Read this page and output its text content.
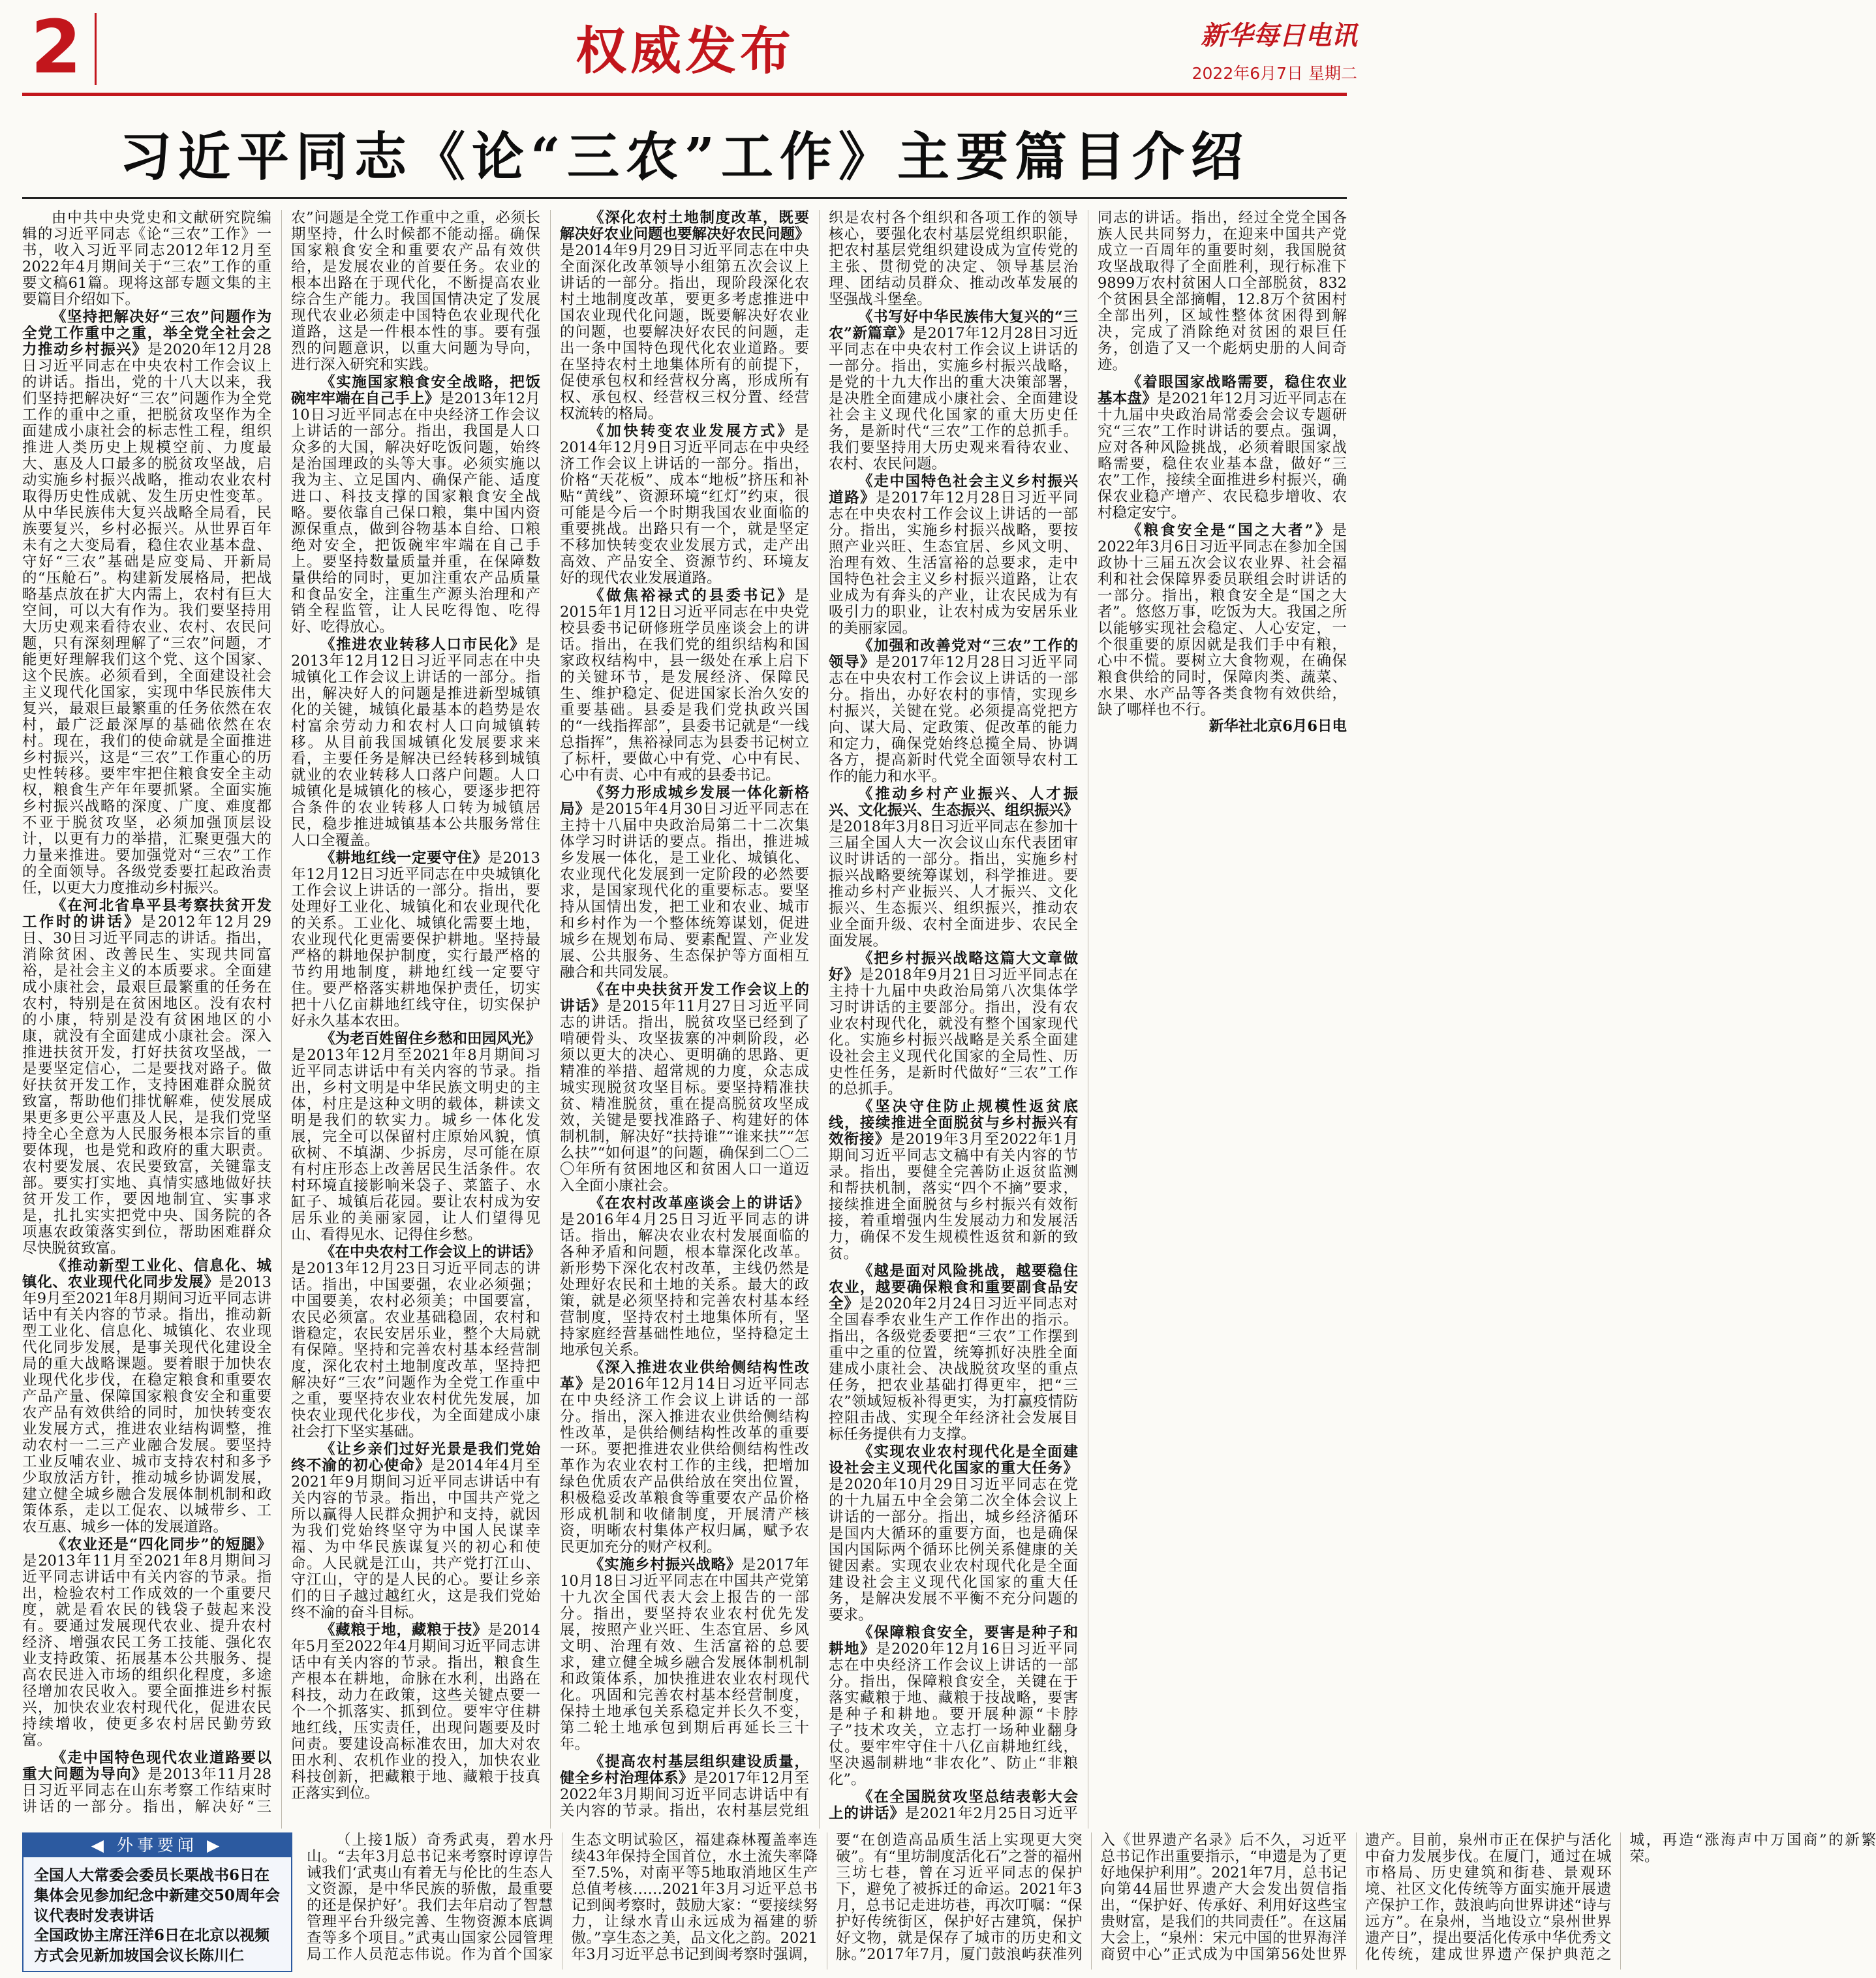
2	权威发布	新华每日电讯
2022年6月7日 星期二
习近平同志《论“三农”工作》主要篇目介绍

由中共中央党史和文献研究院编辑的习近平同志《论“三农”工作》一书，收入习近平同志2012年12月至2022年4月期间关于“三农”工作的重要文稿61篇。现将这部专题文集的主要篇目介绍如下。

《坚持把解决好“三农”问题作为全党工作重中之重，举全党全社会之力推动乡村振兴》是2020年12月28日习近平同志在中央农村工作会议上的讲话。指出，党的十八大以来，我们坚持把解决好“三农”问题作为全党工作的重中之重，把脱贫攻坚作为全面建成小康社会的标志性工程，组织推进人类历史上规模空前、力度最大、惠及人口最多的脱贫攻坚战，启动实施乡村振兴战略，推动农业农村取得历史性成就、发生历史性变革。从中华民族伟大复兴战略全局看，民族要复兴，乡村必振兴。从世界百年未有之大变局看，稳住农业基本盘、守好“三农”基础是应变局、开新局的“压舱石”。构建新发展格局，把战略基点放在扩大内需上，农村有巨大空间，可以大有作为。我们要坚持用大历史观来看待农业、农村、农民问题，只有深刻理解了“三农”问题，才能更好理解我们这个党、这个国家、这个民族。必须看到，全面建设社会主义现代化国家，实现中华民族伟大复兴，最艰巨最繁重的任务依然在农村，最广泛最深厚的基础依然在农村。现在，我们的使命就是全面推进乡村振兴，这是“三农”工作重心的历史性转移。要牢牢把住粮食安全主动权，粮食生产年年要抓紧。全面实施乡村振兴战略的深度、广度、难度都不亚于脱贫攻坚，必须加强顶层设计，以更有力的举措，汇聚更强大的力量来推进。要加强党对“三农”工作的全面领导。各级党委要扛起政治责任，以更大力度推动乡村振兴。

《在河北省阜平县考察扶贫开发工作时的讲话》是2012年12月29日、30日习近平同志的讲话。指出，消除贫困、改善民生、实现共同富裕，是社会主义的本质要求。全面建成小康社会，最艰巨最繁重的任务在农村，特别是在贫困地区。没有农村的小康，特别是没有贫困地区的小康，就没有全面建成小康社会。深入推进扶贫开发，打好扶贫攻坚战，一是要坚定信心，二是要找对路子。做好扶贫开发工作，支持困难群众脱贫致富，帮助他们排忧解难，使发展成果更多更公平惠及人民，是我们党坚持全心全意为人民服务根本宗旨的重要体现，也是党和政府的重大职责。农村要发展、农民要致富，关键靠支部。要实打实地、真情实感地做好扶贫开发工作，要因地制宜、实事求是，扎扎实实把党中央、国务院的各项惠农政策落实到位，帮助困难群众尽快脱贫致富。

《推动新型工业化、信息化、城镇化、农业现代化同步发展》是2013年9月至2021年8月期间习近平同志讲话中有关内容的节录。指出，推动新型工业化、信息化、城镇化、农业现代化同步发展，是事关现代化建设全局的重大战略课题。要着眼于加快农业现代化步伐，在稳定粮食和重要农产品产量、保障国家粮食安全和重要农产品有效供给的同时，加快转变农业发展方式，推进农业结构调整，推动农村一二三产业融合发展。要坚持工业反哺农业、城市支持农村和多予少取放活方针，推动城乡协调发展，建立健全城乡融合发展体制机制和政策体系，走以工促农、以城带乡、工农互惠、城乡一体的发展道路。

《农业还是“四化同步”的短腿》是2013年11月至2021年8月期间习近平同志讲话中有关内容的节录。指出，检验农村工作成效的一个重要尺度，就是看农民的钱袋子鼓起来没有。要通过发展现代农业、提升农村经济、增强农民工务工技能、强化农业支持政策、拓展基本公共服务、提高农民进入市场的组织化程度，多途径增加农民收入。要全面推进乡村振兴，加快农业农村现代化，促进农民持续增收，使更多农村居民勤劳致富。

《走中国特色现代农业道路要以重大问题为导向》是2013年11月28日习近平同志在山东考察工作结束时讲话的一部分。指出，解决好“三农”问题是全党工作重中之重，必须长期坚持，什么时候都不能动摇。确保国家粮食安全和重要农产品有效供给，是发展农业的首要任务。农业的根本出路在于现代化，不断提高农业综合生产能力。我国国情决定了发展现代农业必须走中国特色农业现代化道路，这是一件根本性的事。要有强烈的问题意识，以重大问题为导向，进行深入研究和实践。

《实施国家粮食安全战略，把饭碗牢牢端在自己手上》是2013年12月10日习近平同志在中央经济工作会议上讲话的一部分。指出，我国是人口众多的大国，解决好吃饭问题，始终是治国理政的头等大事。必须实施以我为主、立足国内、确保产能、适度进口、科技支撑的国家粮食安全战略。要依靠自己保口粮，集中国内资源保重点，做到谷物基本自给、口粮绝对安全，把饭碗牢牢端在自己手上。要坚持数量质量并重，在保障数量供给的同时，更加注重农产品质量和食品安全，注重生产源头治理和产销全程监管，让人民吃得饱、吃得好、吃得放心。

《推进农业转移人口市民化》是2013年12月12日习近平同志在中央城镇化工作会议上讲话的一部分。指出，解决好人的问题是推进新型城镇化的关键，城镇化最基本的趋势是农村富余劳动力和农村人口向城镇转移。从目前我国城镇化发展要求来看，主要任务是解决已经转移到城镇就业的农业转移人口落户问题。人口城镇化是城镇化的核心，要逐步把符合条件的农业转移人口转为城镇居民，稳步推进城镇基本公共服务常住人口全覆盖。

《耕地红线一定要守住》是2013年12月12日习近平同志在中央城镇化工作会议上讲话的一部分。指出，要处理好工业化、城镇化和农业现代化的关系。工业化、城镇化需要土地，农业现代化更需要保护耕地。坚持最严格的耕地保护制度，实行最严格的节约用地制度，耕地红线一定要守住。要严格落实耕地保护责任，切实把十八亿亩耕地红线守住，切实保护好永久基本农田。

《为老百姓留住乡愁和田园风光》是2013年12月至2021年8月期间习近平同志讲话中有关内容的节录。指出，乡村文明是中华民族文明史的主体，村庄是这种文明的载体，耕读文明是我们的软实力。城乡一体化发展，完全可以保留村庄原始风貌，慎砍树、不填湖、少拆房，尽可能在原有村庄形态上改善居民生活条件。农村环境直接影响米袋子、菜篮子、水缸子、城镇后花园。要让农村成为安居乐业的美丽家园，让人们望得见山、看得见水、记得住乡愁。

《在中央农村工作会议上的讲话》是2013年12月23日习近平同志的讲话。指出，中国要强，农业必须强；中国要美，农村必须美；中国要富，农民必须富。农业基础稳固，农村和谐稳定，农民安居乐业，整个大局就有保障。坚持和完善农村基本经营制度，深化农村土地制度改革，坚持把解决好“三农”问题作为全党工作重中之重，要坚持农业农村优先发展，加快农业现代化步伐，为全面建成小康社会打下坚实基础。

《让乡亲们过好光景是我们党始终不渝的初心使命》是2014年4月至2021年9月期间习近平同志讲话中有关内容的节录。指出，中国共产党之所以赢得人民群众拥护和支持，就因为我们党始终坚守为中国人民谋幸福、为中华民族谋复兴的初心和使命。人民就是江山，共产党打江山、守江山，守的是人民的心。要让乡亲们的日子越过越红火，这是我们党始终不渝的奋斗目标。

《藏粮于地，藏粮于技》是2014年5月至2022年4月期间习近平同志讲话中有关内容的节录。指出，粮食生产根本在耕地，命脉在水利，出路在科技，动力在政策，这些关键点要一个一个抓落实、抓到位。要牢守住耕地红线，压实责任，出现问题要及时问责。要建设高标准农田，加大对农田水利、农机作业的投入，加快农业科技创新，把藏粮于地、藏粮于技真正落实到位。

《深化农村土地制度改革，既要解决好农业问题也要解决好农民问题》是2014年9月29日习近平同志在中央全面深化改革领导小组第五次会议上讲话的一部分。指出，现阶段深化农村土地制度改革，要更多考虑推进中国农业现代化问题，既要解决好农业的问题，也要解决好农民的问题，走出一条中国特色现代化农业道路。要在坚持农村土地集体所有的前提下，促使承包权和经营权分离，形成所有权、承包权、经营权三权分置、经营权流转的格局。

《加快转变农业发展方式》是2014年12月9日习近平同志在中央经济工作会议上讲话的一部分。指出，价格“天花板”、成本“地板”挤压和补贴“黄线”、资源环境“红灯”约束，很可能是今后一个时期我国农业面临的重要挑战。出路只有一个，就是坚定不移加快转变农业发展方式，走产出高效、产品安全、资源节约、环境友好的现代农业发展道路。

《做焦裕禄式的县委书记》是2015年1月12日习近平同志在中央党校县委书记研修班学员座谈会上的讲话。指出，在我们党的组织结构和国家政权结构中，县一级处在承上启下的关键环节，是发展经济、保障民生、维护稳定、促进国家长治久安的重要基础。县委是我们党执政兴国的“一线指挥部”，县委书记就是“一线总指挥”，焦裕禄同志为县委书记树立了标杆，要做心中有党、心中有民、心中有责、心中有戒的县委书记。

《努力形成城乡发展一体化新格局》是2015年4月30日习近平同志在主持十八届中央政治局第二十二次集体学习时讲话的要点。指出，推进城乡发展一体化，是工业化、城镇化、农业现代化发展到一定阶段的必然要求，是国家现代化的重要标志。要坚持从国情出发，把工业和农业、城市和乡村作为一个整体统筹谋划，促进城乡在规划布局、要素配置、产业发展、公共服务、生态保护等方面相互融合和共同发展。

《在中央扶贫开发工作会议上的讲话》是2015年11月27日习近平同志的讲话。指出，脱贫攻坚已经到了啃硬骨头、攻坚拔寨的冲刺阶段，必须以更大的决心、更明确的思路、更精准的举措、超常规的力度，众志成城实现脱贫攻坚目标。要坚持精准扶贫、精准脱贫，重在提高脱贫攻坚成效，关键是要找准路子、构建好的体制机制，解决好“扶持谁”“谁来扶”“怎么扶”“如何退”的问题，确保到二〇二〇年所有贫困地区和贫困人口一道迈入全面小康社会。

《在农村改革座谈会上的讲话》是2016年4月25日习近平同志的讲话。指出，解决农业农村发展面临的各种矛盾和问题，根本靠深化改革。新形势下深化农村改革，主线仍然是处理好农民和土地的关系。最大的政策，就是必须坚持和完善农村基本经营制度，坚持农村土地集体所有，坚持家庭经营基础性地位，坚持稳定土地承包关系。

《深入推进农业供给侧结构性改革》是2016年12月14日习近平同志在中央经济工作会议上讲话的一部分。指出，深入推进农业供给侧结构性改革，是供给侧结构性改革的重要一环。要把推进农业供给侧结构性改革作为农业农村工作的主线，把增加绿色优质农产品供给放在突出位置，积极稳妥改革粮食等重要农产品价格形成机制和收储制度，开展清产核资，明晰农村集体产权归属，赋予农民更加充分的财产权利。

《实施乡村振兴战略》是2017年10月18日习近平同志在中国共产党第十九次全国代表大会上报告的一部分。指出，要坚持农业农村优先发展，按照产业兴旺、生态宜居、乡风文明、治理有效、生活富裕的总要求，建立健全城乡融合发展体制机制和政策体系，加快推进农业农村现代化。巩固和完善农村基本经营制度，保持土地承包关系稳定并长久不变，第二轮土地承包到期后再延长三十年。

《提高农村基层组织建设质量，健全乡村治理体系》是2017年12月至2022年3月期间习近平同志讲话中有关内容的节录。指出，农村基层党组织是农村各个组织和各项工作的领导核心，要强化农村基层党组织职能，把农村基层党组织建设成为宣传党的主张、贯彻党的决定、领导基层治理、团结动员群众、推动改革发展的坚强战斗堡垒。

《书写好中华民族伟大复兴的“三农”新篇章》是2017年12月28日习近平同志在中央农村工作会议上讲话的一部分。指出，实施乡村振兴战略，是党的十九大作出的重大决策部署，是决胜全面建成小康社会、全面建设社会主义现代化国家的重大历史任务，是新时代“三农”工作的总抓手。我们要坚持用大历史观来看待农业、农村、农民问题。

《走中国特色社会主义乡村振兴道路》是2017年12月28日习近平同志在中央农村工作会议上讲话的一部分。指出，实施乡村振兴战略，要按照产业兴旺、生态宜居、乡风文明、治理有效、生活富裕的总要求，走中国特色社会主义乡村振兴道路，让农业成为有奔头的产业，让农民成为有吸引力的职业，让农村成为安居乐业的美丽家园。

《加强和改善党对“三农”工作的领导》是2017年12月28日习近平同志在中央农村工作会议上讲话的一部分。指出，办好农村的事情，实现乡村振兴，关键在党。必须提高党把方向、谋大局、定政策、促改革的能力和定力，确保党始终总揽全局、协调各方，提高新时代党全面领导农村工作的能力和水平。

《推动乡村产业振兴、人才振兴、文化振兴、生态振兴、组织振兴》是2018年3月8日习近平同志在参加十三届全国人大一次会议山东代表团审议时讲话的一部分。指出，实施乡村振兴战略要统筹谋划，科学推进。要推动乡村产业振兴、人才振兴、文化振兴、生态振兴、组织振兴，推动农业全面升级、农村全面进步、农民全面发展。

《把乡村振兴战略这篇大文章做好》是2018年9月21日习近平同志在主持十九届中央政治局第八次集体学习时讲话的主要部分。指出，没有农业农村现代化，就没有整个国家现代化。实施乡村振兴战略是关系全面建设社会主义现代化国家的全局性、历史性任务，是新时代做好“三农”工作的总抓手。

《坚决守住防止规模性返贫底线，接续推进全面脱贫与乡村振兴有效衔接》是2019年3月至2022年1月期间习近平同志文稿中有关内容的节录。指出，要健全完善防止返贫监测和帮扶机制，落实“四个不摘”要求，接续推进全面脱贫与乡村振兴有效衔接，着重增强内生发展动力和发展活力，确保不发生规模性返贫和新的致贫。

《越是面对风险挑战，越要稳住农业，越要确保粮食和重要副食品安全》是2020年2月24日习近平同志对全国春季农业生产工作作出的指示。指出，各级党委要把“三农”工作摆到重中之重的位置，统筹抓好决胜全面建成小康社会、决战脱贫攻坚的重点任务，把农业基础打得更牢，把“三农”领域短板补得更实，为打赢疫情防控阻击战、实现全年经济社会发展目标任务提供有力支撑。

《实现农业农村现代化是全面建设社会主义现代化国家的重大任务》是2020年10月29日习近平同志在党的十九届五中全会第二次全体会议上讲话的一部分。指出，城乡经济循环是国内大循环的重要方面，也是确保国内国际两个循环比例关系健康的关键因素。实现农业农村现代化是全面建设社会主义现代化国家的重大任务，是解决发展不平衡不充分问题的要求。

《保障粮食安全，要害是种子和耕地》是2020年12月16日习近平同志在中央经济工作会议上讲话的一部分。指出，保障粮食安全，关键在于落实藏粮于地、藏粮于技战略，要害是种子和耕地。要开展种源“卡脖子”技术攻关，立志打一场种业翻身仗。要牢牢守住十八亿亩耕地红线，坚决遏制耕地“非农化”、防止“非粮化”。

《在全国脱贫攻坚总结表彰大会上的讲话》是2021年2月25日习近平同志的讲话。指出，经过全党全国各族人民共同努力，在迎来中国共产党成立一百周年的重要时刻，我国脱贫攻坚战取得了全面胜利，现行标准下9899万农村贫困人口全部脱贫，832个贫困县全部摘帽，12.8万个贫困村全部出列，区域性整体贫困得到解决，完成了消除绝对贫困的艰巨任务，创造了又一个彪炳史册的人间奇迹。

《着眼国家战略需要，稳住农业基本盘》是2021年12月习近平同志在十九届中央政治局常委会会议专题研究“三农”工作时讲话的要点。强调，应对各种风险挑战，必须着眼国家战略需要，稳住农业基本盘，做好“三农”工作，接续全面推进乡村振兴，确保农业稳产增产、农民稳步增收、农村稳定安宁。

《粮食安全是“国之大者”》是2022年3月6日习近平同志在参加全国政协十三届五次会议农业界、社会福利和社会保障界委员联组会时讲话的一部分。指出，粮食安全是“国之大者”。悠悠万事，吃饭为大。我国之所以能够实现社会稳定、人心安定，一个很重要的原因就是我们手中有粮，心中不慌。要树立大食物观，在确保粮食供给的同时，保障肉类、蔬菜、水果、水产品等各类食物有效供给，缺了哪样也不行。

新华社北京6月6日电

◀ 外事要闻 ▶
全国人大常委会委员长栗战书6日在集体会见参加纪念中新建交50周年会议代表时发表讲话
全国政协主席汪洋6日在北京以视频方式会见新加坡国会议长陈川仁

（上接1版）奇秀武夷，碧水丹山。“去年3月总书记来考察时谆谆告诫我们‘武夷山有着无与伦比的生态人文资源，是中华民族的骄傲，最重要的还是保护好’。我们去年启动了智慧管理平台升级完善、生物资源本底调查等多个项目。”武夷山国家公园管理局工作人员范志伟说。作为首个国家生态文明试验区，福建森林覆盖率连续43年保持全国首位，水土流失率降至7.5%，对南平等5地取消地区生产总值考核……2021年3月习近平总书记到闽考察时，鼓励大家：“要接续努力，让绿水青山永远成为福建的骄傲。”享生态之美，品文化之韵。2021年3月习近平总书记到闽考察时强调，要“在创造高品质生活上实现更大突破”。有“里坊制度活化石”之誉的福州三坊七巷，曾在习近平同志的保护下，避免了被拆迁的命运。2021年3月，总书记走进坊巷，再次叮嘱：“保护好传统街区，保护好古建筑，保护好文物，就是保存了城市的历史和文脉。”2017年7月，厦门鼓浪屿获准列入《世界遗产名录》后不久，习近平总书记作出重要指示，“申遗是为了更好地保护利用”。2021年7月，总书记向第44届世界遗产大会发出贺信指出，“保护好、传承好、利用好这些宝贵财富，是我们的共同责任”。在这届大会上，“泉州：宋元中国的世界海洋商贸中心”正式成为中国第56处世界遗产。目前，泉州市正在保护与活化中奋力发展步伐。在厦门，通过在城市格局、历史建筑和街巷、景观环境、社区文化传统等方面实施开展遗产保护工作，鼓浪屿向世界讲述“诗与远方”。在泉州，当地设立“泉州世界遗产日”，提出要活化传承中华优秀文化传统，建成世界遗产保护典范之城，再造“涨海声中万国商”的新繁荣。
